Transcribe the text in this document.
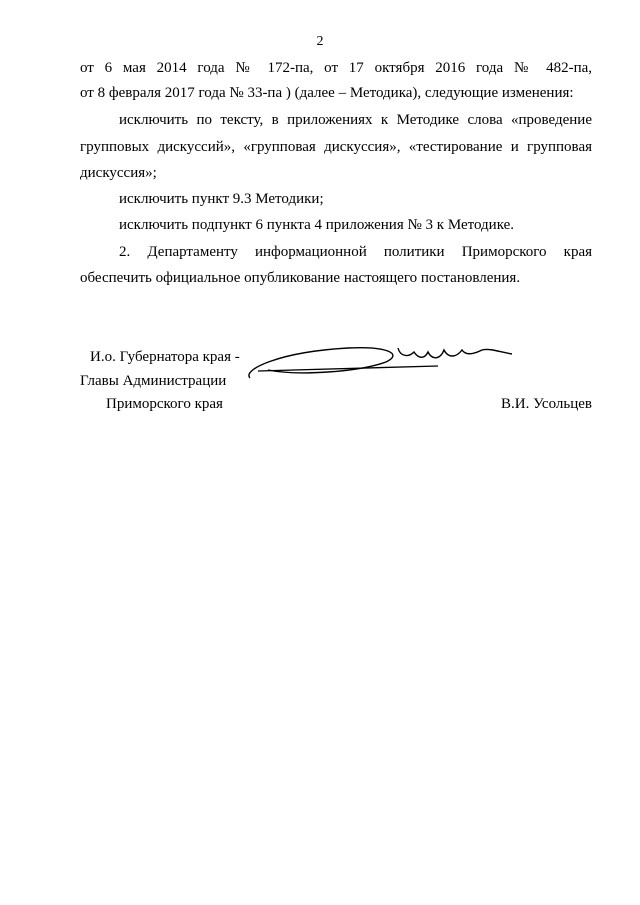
2
от 6 мая 2014 года № 172-па, от 17 октября 2016 года № 482-па,
от 8 февраля 2017 года № 33-па ) (далее – Методика), следующие изменения:
исключить по тексту, в приложениях к Методике слова «проведение
групповых дискуссий», «групповая дискуссия», «тестирование и групповая
дискуссия»;
исключить пункт 9.3 Методики;
исключить подпункт 6 пункта 4 приложения № 3 к Методике.
2. Департаменту информационной политики Приморского края
обеспечить официальное опубликование настоящего постановления.
И.о. Губернатора края -
Главы Администрации
Приморского края	В.И. Усольцев
